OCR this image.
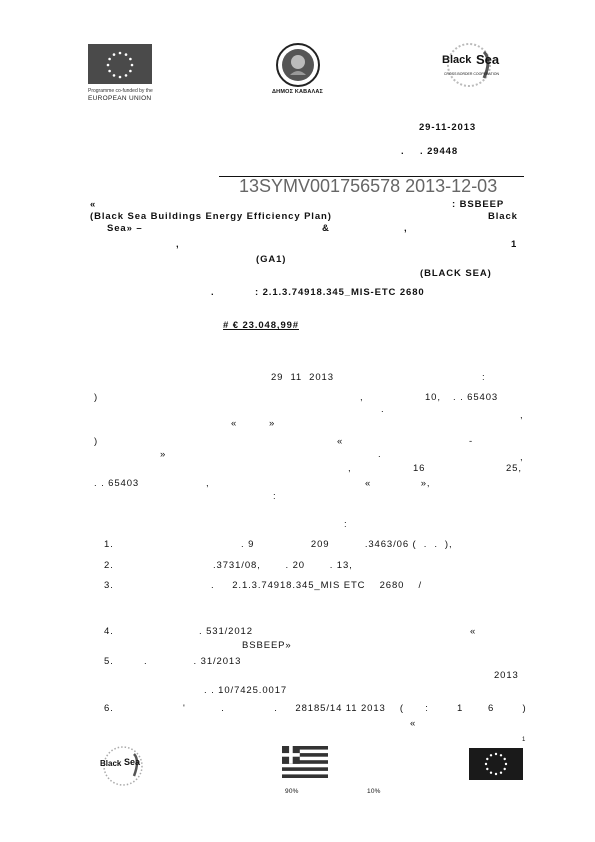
Programme co-funded by the
EUROPEAN UNION
ΔΗΜΟΣ ΚΑΒΑΛΑΣ
Black Sea
CROSS BORDER COOPERATION
29-11-2013
. . 29448
13SYMV001756578 2013-12-03
«	: BSBEEP
(Black Sea Buildings Energy Efficiency Plan)	Black
Sea» –	&	,
,	1
(GA1)
(BLACK SEA)
.	: 2.1.3.74918.345_MIS-ETC 2680
# € 23.048,99#
29  11  2013	:
)	,	10, . . 65403
.
,
«         »
)	«	-
»	.	,
,	16	25,
. . 65403	,	«              »,
:
:
1.	. 9                209          .3463/06 (  .  .  ),
2.	.3731/08,       . 20       . 13,
3.	.     2.1.3.74918.345_MIS ETC    2680    /
4.	. 531/2012	«
BSBEEP»
5.	.             . 31/2013
2013
. . 10/7425.0017
6.	'          .              .     28185/14 11 2013    (      :        1       6        )
«
1
Black Sea
90%	10%
